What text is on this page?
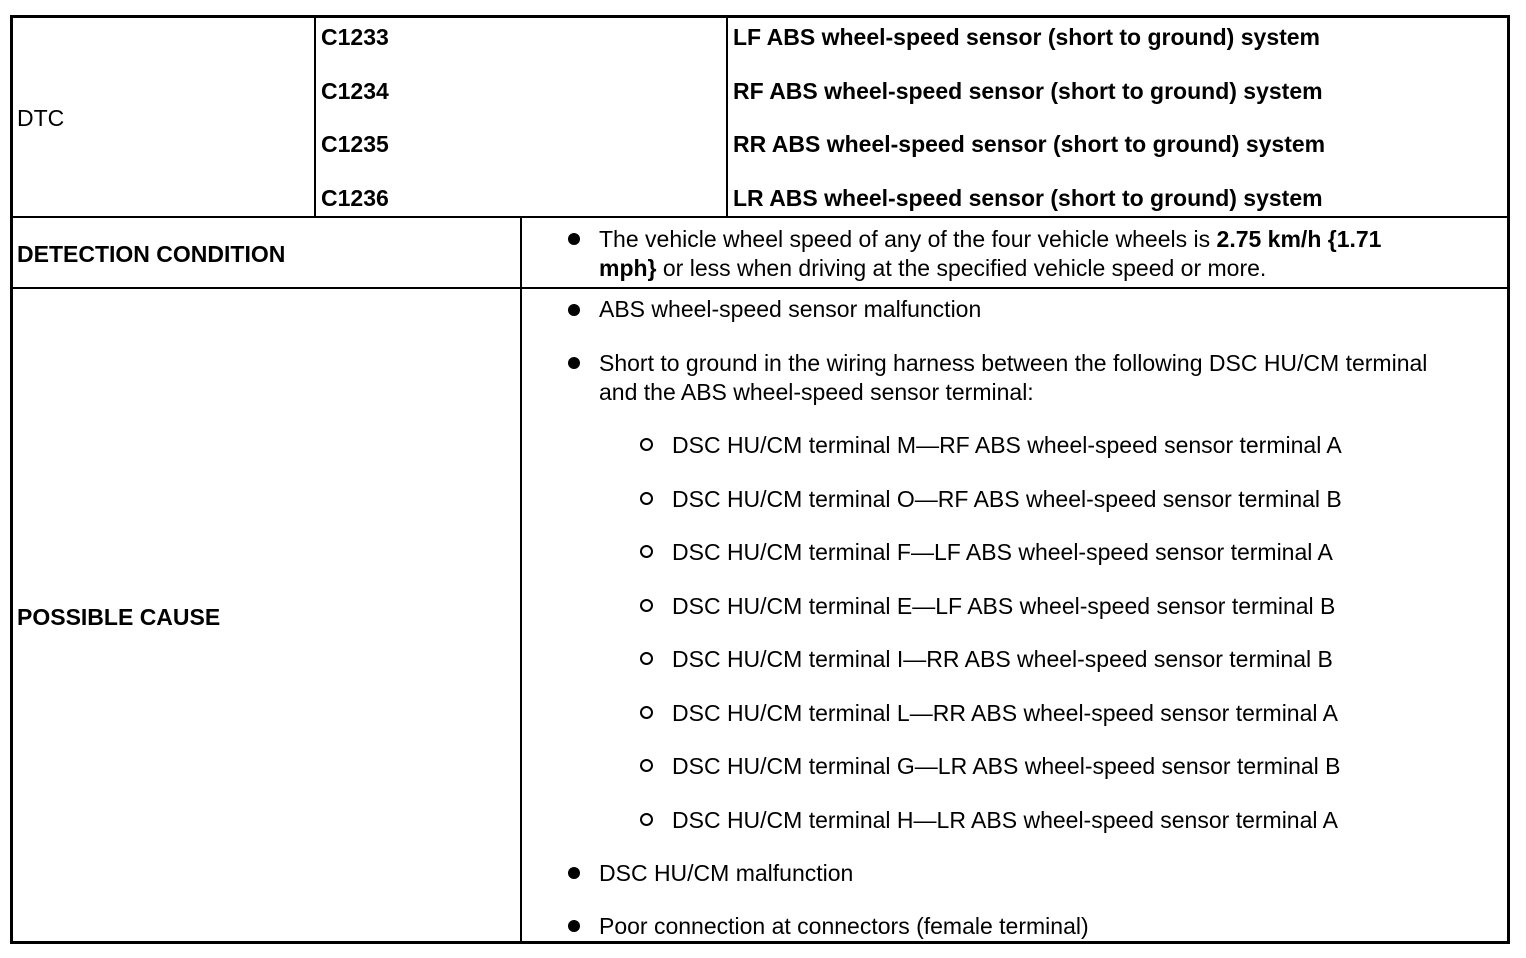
DTC
C1233
C1234
C1235
C1236
LF ABS wheel-speed sensor (short to ground) system
RF ABS wheel-speed sensor (short to ground) system
RR ABS wheel-speed sensor (short to ground) system
LR ABS wheel-speed sensor (short to ground) system
DETECTION CONDITION
The vehicle wheel speed of any of the four vehicle wheels is 2.75 km/h {1.71
mph} or less when driving at the specified vehicle speed or more.
POSSIBLE CAUSE
ABS wheel-speed sensor malfunction
Short to ground in the wiring harness between the following DSC HU/CM terminal
and the ABS wheel-speed sensor terminal:
DSC HU/CM terminal M—RF ABS wheel-speed sensor terminal A
DSC HU/CM terminal O—RF ABS wheel-speed sensor terminal B
DSC HU/CM terminal F—LF ABS wheel-speed sensor terminal A
DSC HU/CM terminal E—LF ABS wheel-speed sensor terminal B
DSC HU/CM terminal I—RR ABS wheel-speed sensor terminal B
DSC HU/CM terminal L—RR ABS wheel-speed sensor terminal A
DSC HU/CM terminal G—LR ABS wheel-speed sensor terminal B
DSC HU/CM terminal H—LR ABS wheel-speed sensor terminal A
DSC HU/CM malfunction
Poor connection at connectors (female terminal)
